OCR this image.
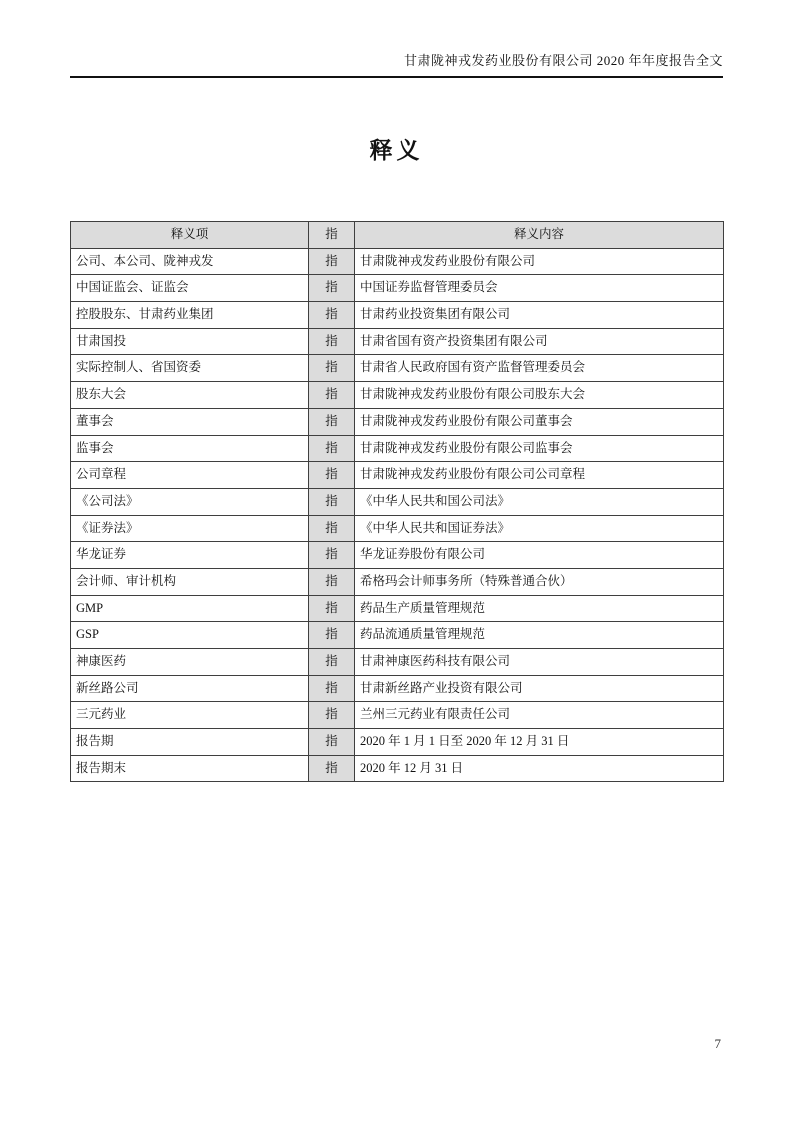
甘肃陇神戎发药业股份有限公司 2020 年年度报告全文
释义
释义项	指	释义内容
公司、本公司、陇神戎发	指	甘肃陇神戎发药业股份有限公司
中国证监会、证监会	指	中国证券监督管理委员会
控股股东、甘肃药业集团	指	甘肃药业投资集团有限公司
甘肃国投	指	甘肃省国有资产投资集团有限公司
实际控制人、省国资委	指	甘肃省人民政府国有资产监督管理委员会
股东大会	指	甘肃陇神戎发药业股份有限公司股东大会
董事会	指	甘肃陇神戎发药业股份有限公司董事会
监事会	指	甘肃陇神戎发药业股份有限公司监事会
公司章程	指	甘肃陇神戎发药业股份有限公司公司章程
《公司法》	指	《中华人民共和国公司法》
《证券法》	指	《中华人民共和国证券法》
华龙证券	指	华龙证券股份有限公司
会计师、审计机构	指	希格玛会计师事务所（特殊普通合伙）
GMP	指	药品生产质量管理规范
GSP	指	药品流通质量管理规范
神康医药	指	甘肃神康医药科技有限公司
新丝路公司	指	甘肃新丝路产业投资有限公司
三元药业	指	兰州三元药业有限责任公司
报告期	指	2020 年 1 月 1 日至 2020 年 12 月 31 日
报告期末	指	2020 年 12 月 31 日
7
